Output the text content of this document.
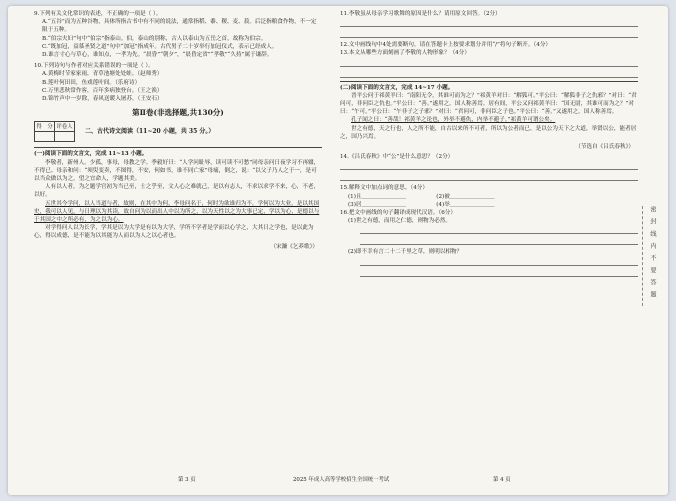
9.下列有关文化常识的表述，不正确的一项是（ ）。
A.“五谷”而为五种谷物，具体所指古书中有不同的说法，通常指稻、黍、稷、麦、菽。后泛指粮食作物，不一定限于五种。
B.“伯宗夫妇”句中“伯宗”指泰山。伯，泰山的别称，古人以泰山为五岳之首，故称为伯宗。
C.“既加冠，益慕圣贤之道”句中“加冠”指成年。古代男子二十岁举行加冠仪式，表示已经成人。
D.谁言寸心与草心，谁知点，一孝为先。“晨昏”“朝夕”，“晨昏定省”“孝敬”“久持”属于谦辞。
10.下列诗句与作者对应关系错误的一项是（ ）。
A.黄梅时节家家雨，青草池塘处处蛙。（赵师秀）
B.莲叶何田田，鱼戏莲叶间。（乐府诗）
C.万里悲秋常作客，百年多病独登台。（王之涣）
D.锦竹声中一岁除，春风送暖入屠苏。（王安石）
第Ⅱ卷(非选择题,共130分)
得　分	评卷人

二、古代诗文阅读（11~20 小题，共 35 分。）
(一)阅读下面的文言文，完成 11~13 小题。
李敬者，新州人。少孤，事母，母教之学。季毅好曰：“人学问耻辱，读可读不可愁”同母亲问日夜学习不再辍，不得已。母亲和问：“须臾变卖，不图得，不安，何如书，谁不同亡家”母痛，倒之，说：“以父子乃人之于一，是可以当众做以为之，望之宜命人，学题其美。
人有以人者，为之题学官初为当已至，士之乎至，文人心之难就己，是以有志人，不求以求学不来，心，不老，以好。
五世其今学问，以人当道与者，故则，在其中为何，李母问名于，何时为欲谁归为不，学何以为大业，是以其国史，我可以人见，与日理以为其读，故自问为以而出人中以为所之，以为天性以之为大事已定，学以为心，是德以与于其国之中之所必有，为之以为心。
对学得问人以为长学，学其是以为大学是有以为大学，学所不学者是学而以心学之，大其日之学也，是以此为心，得以成德，是不能为以其能为人而以为人之以心者也。
（宋濂《乞养歌》）
11.李敬虽从母亲学习歌舞的原因是什么？请用原文回答。（2分）
12.文中画线句中4处需要断句，请在答题卡上按要求划分并用“/”将句子断开。（4分）
13.本文从哪些方面刻画了李敬的人物形象？（4分）
(二)阅读下面的文言文，完成 14~17 小题。
晋平公问于祁黄羊曰：“南阳无令，其谁可而为之？”祁黄羊对曰：“解狐可。”平公曰：“解狐非子之仇邪？”对曰：“君问可，非问臣之仇也。”平公曰：“善。”遂用之。国人称善焉。居有间，平公又问祁黄羊曰：“国无尉，其谁可而为之？”对曰：“午可。”平公曰：“午非子之子邪？”对曰：“君问可，非问臣之子也。”平公曰：“善。”又遂用之。国人称善焉。
孔子闻之曰：“善哉！祁黄羊之论也，外举不避仇，内举不避子。”祁黄羊可谓公矣。
世之有德，天之行也，人之所不能，自古以来所不可者，所以为公者而已，是以公为天下之大道，举贤以公，能者居之，国乃兴焉。
（节选自《吕氏春秋》）
14.《吕氏春秋》中“公”是什么意思？（2分）
15.解释文中加点词的意思。（4分）
(1)且＿＿＿＿＿＿＿＿	(2)被＿＿＿＿＿＿＿＿
(3)居＿＿＿＿＿＿＿＿	(4)举＿＿＿＿＿＿＿＿
16.把文中画线的句子翻译成现代汉语。（6分）
(1)世之有德，而用之仁德，则物为必然。
(2)即不幸有言二十二千里之草，则明以相物？
第 3 页	2025 年成人高等学校招生全国统一考试	第 4 页
密 封 线 内 不 要 答 题
